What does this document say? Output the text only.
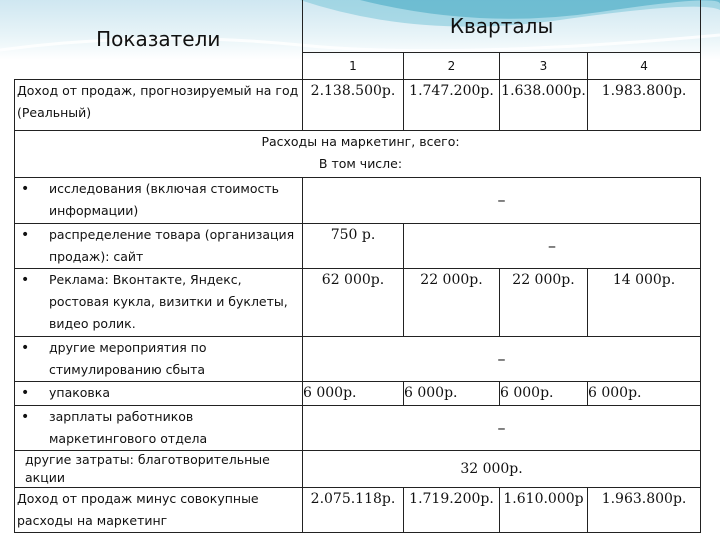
Показатели	Кварталы			
	1	2	3	4
Доход от продаж, прогнозируемый на год (Реальный)	2.138.500р.	1.747.200р.	1.638.000р.	1.983.800р.

Расходы на маркетинг, всего:
В том числе:				

•
исследования (включая стоимость информации)	–			

•
распределение товара (организация продаж): сайт	750 р.	–		

•
Реклама: Вконтакте, Яндекс, ростовая кукла, визитки и буклеты, видео ролик.	62 000р.	22 000р.	22 000р.	14 000р.

•
другие мероприятия по стимулированию сбыта	–			

•
упаковка	6 000р.	6 000р.	6 000р.	6 000р.

•
зарплаты работников маркетингового отдела	–			

другие затраты: благотворительные акции	32 000р.			
Доход от продаж минус совокупные расходы на маркетинг	2.075.118р.	1.719.200р.	1.610.000р	1.963.800р.
